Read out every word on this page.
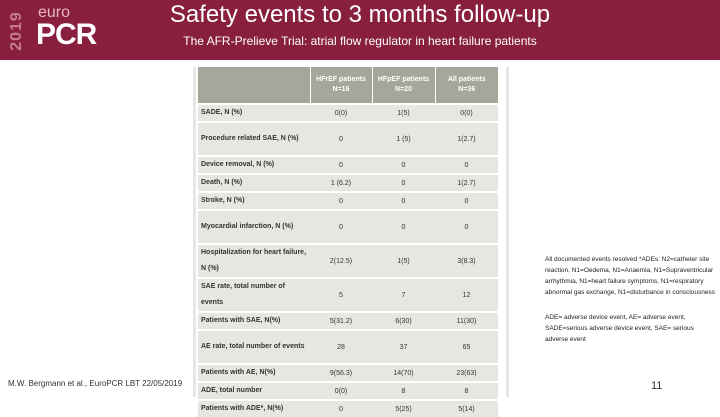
2019 euro
PCR
Safety events to 3 months follow-up
The AFR-Prelieve Trial: atrial flow regulator in heart failure patients
	HFrEF patients N=16	HFpEF patients N=20	All patients N=36
SADE, N (%)	0(0)	1(5)	0(0)
Procedure related SAE, N (%)	0	1 (5)	1(2.7)
Device removal, N (%)	0	0	0
Death, N (%)	1 (6.2)	0	1(2.7)
Stroke, N (%)	0	0	0
Myocardial infarction, N (%)	0	0	0
Hospitalization for heart failure, N (%)	2(12.5)	1(5)	3(8.3)
SAE rate, total number of events	5	7	12
Patients with SAE, N(%)	5(31.2)	6(30)	11(30)
AE rate, total number of events	28	37	65
Patients with AE, N(%)	9(56.3)	14(70)	23(63)
ADE, total number	0(0)	8	8
Patients with ADE*, N(%)	0	5(25)	5(14)

All documented events resolved *ADEs: N2=catheter site reaction, N1=Oedema, N1=Anaemia, N1=Supraventricular arrhythmia, N1=heart failure symptoms, N1=respiratory abnormal gas exchange, N1=disturbance in consciousness

ADE= adverse device event, AE= adverse event, SADE=serious adverse device event, SAE= serious adverse event

M.W. Bergmann et al., EuroPCR LBT 22/05/2019	11
